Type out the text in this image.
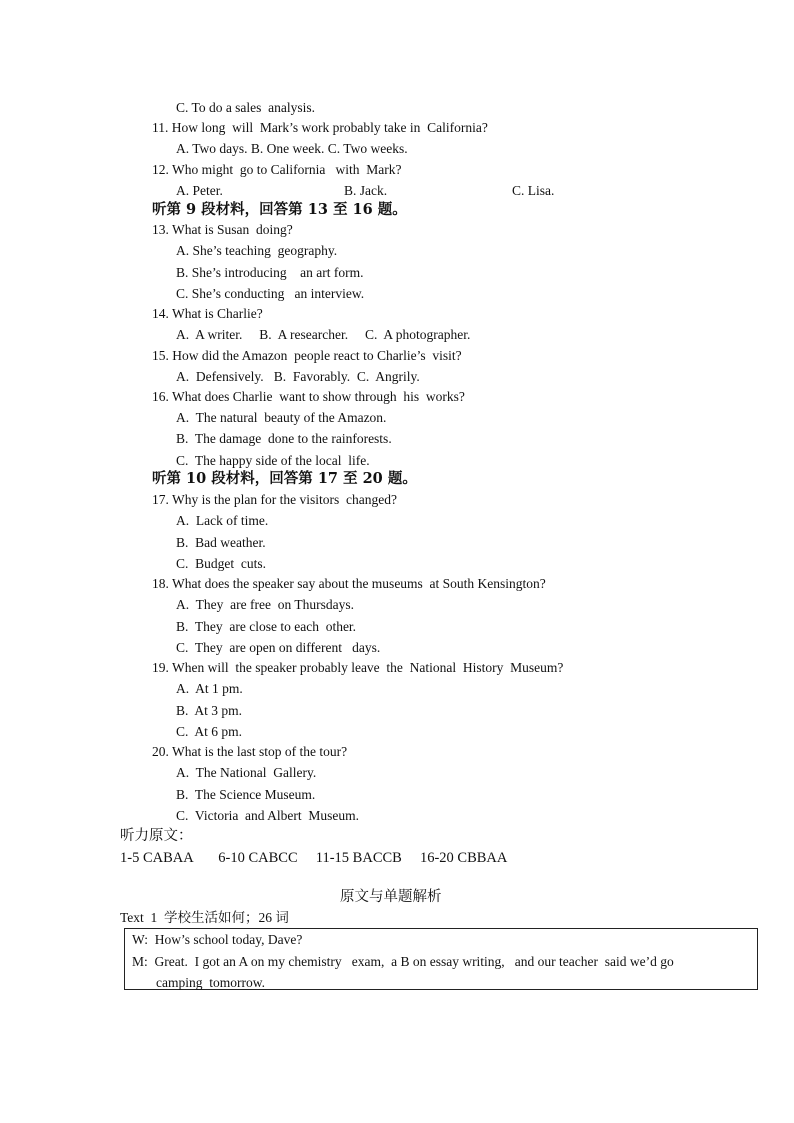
C. To do a sales  analysis.
11. How long  will  Mark’s work probably take in  California?
A. Two days. B. One week. C. Two weeks.
12. Who might  go to California   with  Mark?
A. Peter.	B. Jack.	C. Lisa.
听第 9 段材料，回答第 13 至 16 题。
13. What is Susan  doing?
A. She’s teaching  geography.
B. She’s introducing    an art form.
C. She’s conducting   an interview.
14. What is Charlie?
A.  A writer.     B.  A researcher.     C.  A photographer.
15. How did the Amazon  people react to Charlie’s  visit?
A.  Defensively.   B.  Favorably.  C.  Angrily.
16. What does Charlie  want to show through  his  works?
A.  The natural  beauty of the Amazon.
B.  The damage  done to the rainforests.
C.  The happy side of the local  life.
听第 10 段材料，回答第 17 至 20 题。
17. Why is the plan for the visitors  changed?
A.  Lack of time.
B.  Bad weather.
C.  Budget  cuts.
18. What does the speaker say about the museums  at South Kensington?
A.  They  are free  on Thursdays.
B.  They  are close to each  other.
C.  They  are open on different   days.
19. When will  the speaker probably leave  the  National  History  Museum?
A.  At 1 pm.
B.  At 3 pm.
C.  At 6 pm.
20. What is the last stop of the tour?
A.  The National  Gallery.
B.  The Science Museum.
C.  Victoria  and Albert  Museum.
听力原文：
1-5 CABAA       6-10 CABCC     11-15 BACCB     16-20 CBBAA
原文与单题解析
Text  1  学校生活如何；26 词
W:  How’s school today, Dave?
M:  Great.  I got an A on my chemistry   exam,  a B on essay writing,   and our teacher  said we’d go
camping  tomorrow.
